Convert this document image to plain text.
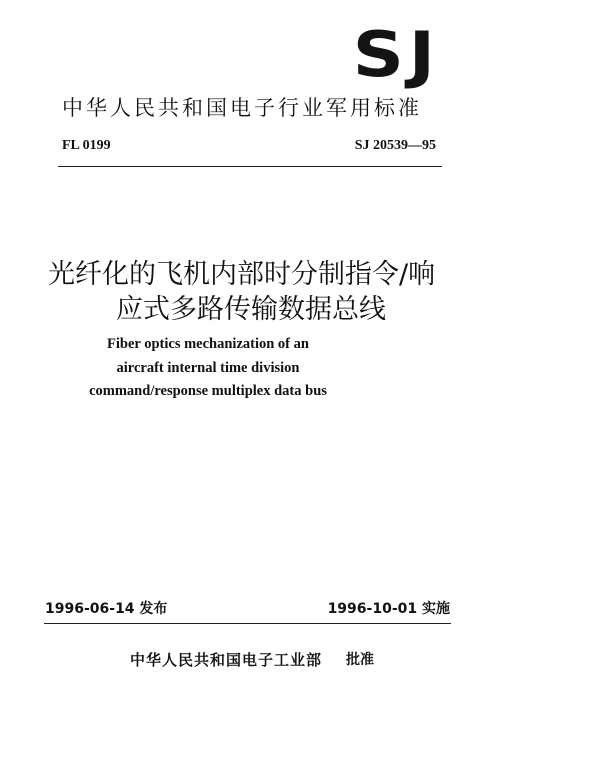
SJ
中华人民共和国电子行业军用标准
FL 0199	SJ 20539—95
光纤化的飞机内部时分制指令/响
应式多路传输数据总线
Fiber optics mechanization of an
aircraft internal time division
command/response multiplex data bus
1996-06-14 发布	1996-10-01 实施
中华人民共和国电子工业部 批准
